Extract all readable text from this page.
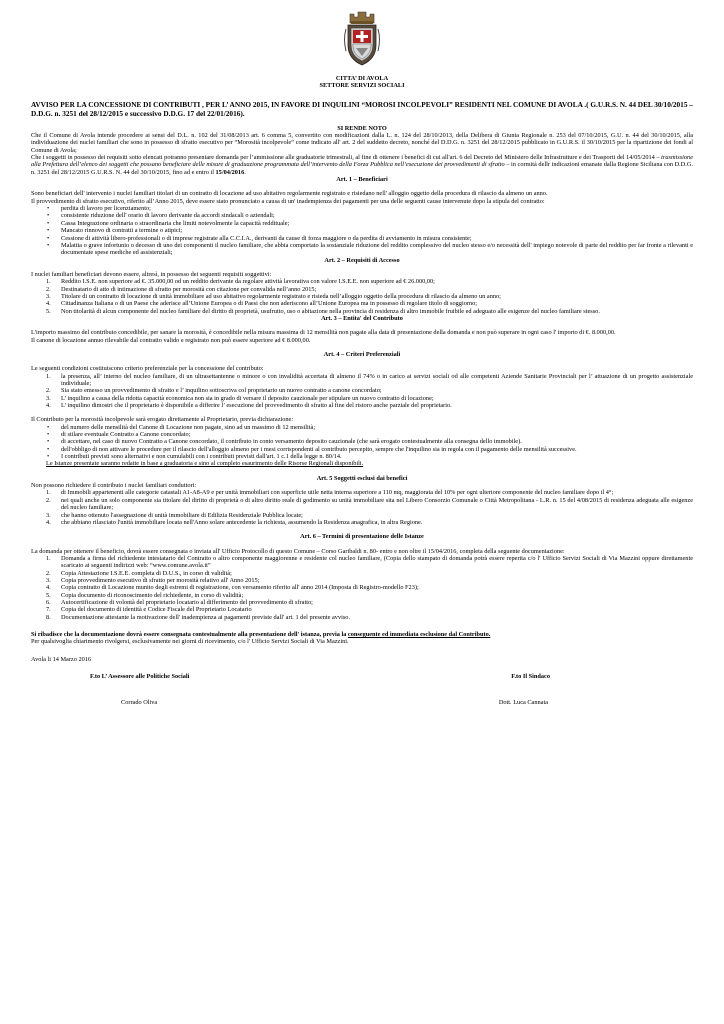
CITTA’ DI AVOLA
SETTORE SERVIZI SOCIALI
AVVISO PER LA CONCESSIONE DI CONTRIBUTI , PER L’ ANNO 2015, IN FAVORE DI INQUILINI “MOROSI INCOLPEVOLI” RESIDENTI NEL COMUNE DI AVOLA .( G.U.R.S. N. 44 DEL 30/10/2015 – D.D.G. n. 3251 del 28/12/2015 e successivo D.D.G. 17 del 22/01/2016).
SI RENDE NOTO

Che il Comune di Avola intende procedere ai sensi del D.L. n. 102 del 31/08/2013 art. 6 comma 5, convertito con modificazioni dalla L. n. 124 del 28/10/2013, della Delibera di Giunta Regionale n. 253 del 07/10/2015, G.U. n. 44 del 30/10/2015, alla individuazione dei nuclei familiari che sono in possesso di sfratto esecutivo per “Morosità incolpevole” come indicato all' art. 2 del suddetto decreto, nonché del D.D.G. n. 3251 del 28/12/2015 pubblicato in G.U.R.S. il 30/10/2015 per la ripartizione dei fondi al Comune di Avola;

Che i soggetti in possesso dei requisiti sotto elencati potranno presentare domanda per l’ammissione alle graduatorie trimestrali, al fine di ottenere i benefici di cui all'art. 6 del Decreto del Ministero delle Infrastrutture e dei Trasporti del 14/05/2014 – trasmissione alla Prefettura dell’elenco dei soggetti che possano beneficiare delle misure di graduazione programmata dell’intervento della Forza Pubblica nell’esecuzione dei provvedimenti di sfratto – in cormità dellr indicazioni emanate dalla Regione Siciliana con D.D.G. n. 3251 del 28/12/2015 G.U.R.S. N. 44 del 30/10/2015, fino ad e entro il 15/04/2016.

Art. 1 – Beneficiari

Sono beneficiari dell' intervento i nuclei familiari titolari di un contratto di locazione ad uso abitativo regolarmente registrato e risiedano nell' alloggio oggetto della procedura di rilascio da almeno un anno.

Il provvedimento di sfratto esecutivo, riferito all’Anno 2015, deve essere stato pronunciato a causa di un' inadempienza dei pagamenti per una delle seguenti cause intervenute dopo la stipula del contratto:

• perdita di lavoro per licenziamento;
• consistente riduzione dell' orario di lavoro derivante da accordi sindacali o aziendali;
• Cassa Integrazione ordinaria o straordinaria che limiti notevolmente la capacità reddituale;
• Mancato rinnovo di contratti a termine o atipici;
• Cessione di attività libero-professionali o di imprese registrate alla C.C.I.A., derivanti da cause di forza maggiore o da perdita di avviamento in misura consistente;
• Malattia o grave infortunio o decesso di uno dei componenti il nucleo familiare, che abbia comportato la sostanziale riduzione del reddito complessivo del nucleo stesso e/o necessità dell' impiego notevole di parte del reddito per far fronte a rilevanti e documentate spese mediche ed assistenziali;
Art. 2 – Requisiti di Accesso

I nuclei familiari beneficiari devono essere, altresì, in possesso dei seguenti requisiti soggettivi:

1. Reddito I.S.E. non superiore ad €. 35.000,00 od un reddito derivante da regolare attività lavorativa con valore I.S.E.E. non superiore ad € 26.000,00;
2. Destinatario di atto di intimazione di sfratto per morosità con citazione per convalida nell’anno 2015;
3. Titolare di un contratto di locazione di unità immobiliare ad uso abitativo regolarmente registrato e risieda nell’alloggio oggetto della procedura di rilascio da almeno un anno;
4. Cittadinanza Italiana o di un Paese che aderisce all’Unione Europea o di Paesi che non aderiscono all’Unione Europea ma in possesso di regolare titolo di soggiorno;
5. Non titolarità di alcun componente del nucleo familiare del diritto di proprietà, usufrutto, uso o abitazione nella provincia di residenza di altro immobile fruibile ed adeguato alle esigenze del nucleo familiare stesso.
Art. 3 – Entita' del Contributo

L'importo massimo del contributo concedibile, per sanare la morosità, è concedibile nella misura massima di 12 mensilità non pagate alla data di presentazione della domanda e non può superare in ogni caso l' importo di €. 8.000,00.

Il canone di locazione annuo rilevabile dal contratto valido e registrato non può essere superiore ad € 8.000,00.

Art. 4 – Criteri Preferenziali

Le seguenti condizioni costituiscono criterio preferenziale per la concessione del contributo:

1. la presenza, all’ interno del nucleo familiare, di un ultrasettantenne o minore o con invalidità accertata di almeno il 74% o in carico ai servizi sociali od alle competenti Aziende Sanitarie Provinciali per l’ attuazione di un progetto assistenziale individuale;
2. Sia stato emesso un provvedimento di sfratto e l’ inquilino sottoscriva col proprietario un nuovo contratto a canone concordato;
3. L’ inquilino a causa della ridotta capacità economica non sia in grado di versare il deposito cauzionale per stipulare un nuovo contratto di locazione;
4. L’ inquilino dimostri che il proprietario è disponibile a differire l’ esecuzione del provvedimento di sfratto al fine del ristoro anche parziale del proprietario.

Il Contributo per la morosità incolpevole sarà erogato direttamente al Proprietario, previa dichiarazione:

• del numero delle mensilità del Canone di Locazione non pagate, sino ad un massimo di 12 mensilità;
• di stilare eventuale Contratto a Canone concordato;
• di accettare, nel caso di nuovo Contratto a Canone concordato, il contributo in conto versamento deposito cauzionale (che sarà erogato contestualmente alla consegna dello immobile).
• dell'obbligo di non attivare le procedure per il rilascio dell'alloggio almeno per i mesi corrispondenti al contributo percepito, sempre che l'inquilino sia in regola con il pagamento delle mensilità successive.
• I contributi previsti sono alternativi e non cumulabili con i contributi previsti dall'art. 1 c.1 della legge n. 80/14.

Le Istanze presentate saranno redatte in base a graduatoria e sino al completo esaurimento delle Risorse Regionali disponibili.

Art. 5 Soggetti esclusi dai benefici

Non possono richiedere il contributo i nuclei familiari conduttori:

1. di Immobili appartenenti alle categorie catastali A1-A8-A9 e per unità immobiliari con superficie utile netta interna superiore a 110 mq, maggiorata del 10% per ogni ulteriore componente del nucleo familiare dopo il 4°;
2. nei quali anche un solo componente sia titolare del diritto di proprietà o di altro diritto reale di godimento su unità immobiliare sita nel Libero Consorzio Comunale o Città Metropolitana - L.R. n. 15 del 4/08/2015 di residenza adeguata alle esigenze del nucleo familiare;
3. che hanno ottenuto l'assegnazione di unità immobiliare di Edilizia Residenziale Pubblica locate;
4. che abbiano rilasciato l'unità immobiliare locata nell'Anno solare antecedente la richiesta, assumendo la Residenza anagrafica, in altra Regione.
Art. 6 – Termini di presentazione delle Istanze

La domanda per ottenere il beneficio, dovrà essere consegnata o inviata all' Ufficio Protocollo di questo Comune – Corso Garibaldi n. 80- entro e non oltre il 15/04/2016, completa della seguente documentazione:

1. Domanda a firma del richiedente intestatario del Contratto o altro componente maggiorenne e residente col nucleo familiare, (Copia dello stampato di domanda potrà essere reperita c/o l' Ufficio Servizi Sociali di Via Mazzini oppure direttamente scaricato ai seguenti indirizzi web: “www.comune.avola.it”
2. Copia Attestazione I.S.E.E. completa di D.U.S., in corso di validità;
3. Copia provvedimento esecutivo di sfratto per morosità relativo all' Anno 2015;
4. Copia contratto di Locazione munito degli estremi di registrazione, con versamento riferito all' anno 2014 (Imposta di Registro-modello F23);
5. Copia documento di riconoscimento del richiedente, in corso di validità;
6. Autocertificazione di volontà del proprietario locatario al differimento del provvedimento di sfratto;
7. Copia del documento di identità e Codice Fiscale del Proprietario Locatario
8. Documentazione attestante la motivazione dell' inadempienza ai pagamenti previste dall' art. 1 del presente avviso.

Si ribadisce che la documentazione dovrà essere consegnata contestualmente alla presentazione dell' istanza, previa la conseguente ed immediata esclusione dal Contributo.

Per qualsivoglia chiarimento rivolgersi, esclusivamente nei giorni di ricevimento, c/o l' Ufficio Servizi Sociali di Via Mazzini.

Avola li 14 Marzo 2016

F.to L’ Assessore alle Politiche Sociali	F.to Il Sindaco
Corrado Oliva	Dott. Luca Cannata
